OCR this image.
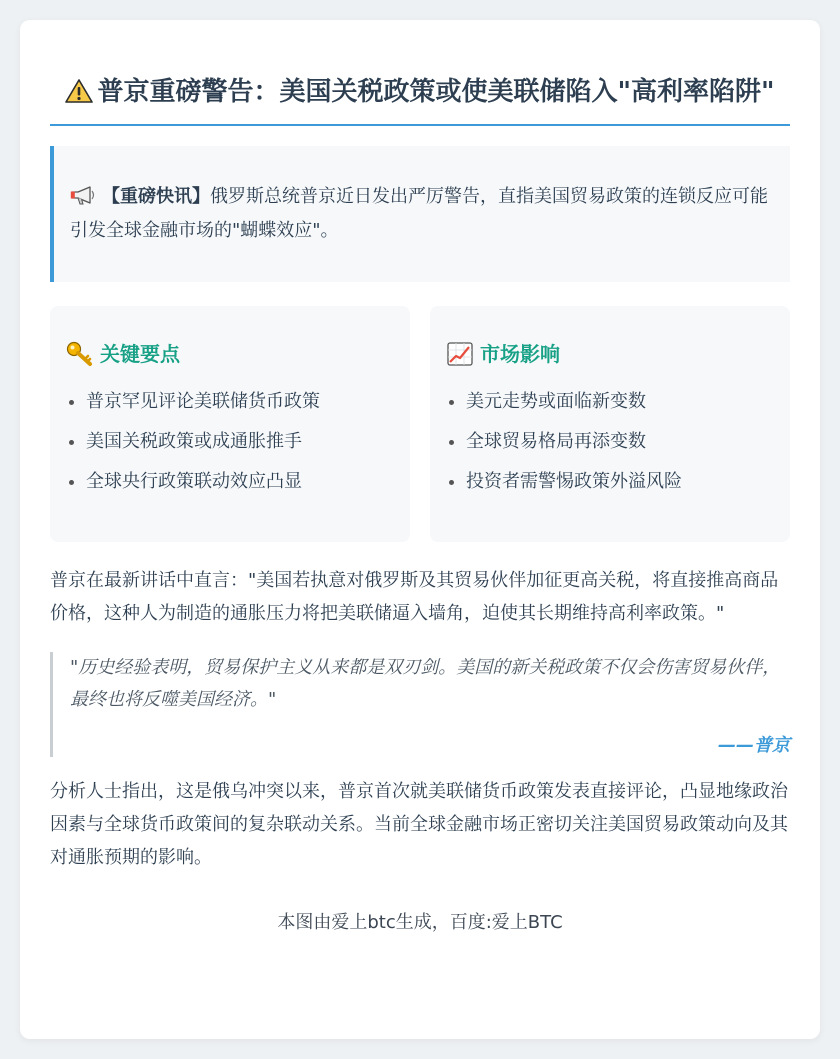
普京重磅警告：美国关税政策或使美联储陷入"高利率陷阱"
【重磅快讯】俄罗斯总统普京近日发出严厉警告，直指美国贸易政策的连锁反应可能引发全球金融市场的"蝴蝶效应"。
关键要点
• 普京罕见评论美联储货币政策
• 美国关税政策或成通胀推手
• 全球央行政策联动效应凸显
市场影响
• 美元走势或面临新变数
• 全球贸易格局再添变数
• 投资者需警惕政策外溢风险

普京在最新讲话中直言："美国若执意对俄罗斯及其贸易伙伴加征更高关税，将直接推高商品价格，这种人为制造的通胀压力将把美联储逼入墙角，迫使其长期维持高利率政策。"

"历史经验表明，贸易保护主义从来都是双刃剑。美国的新关税政策不仅会伤害贸易伙伴，最终也将反噬美国经济。"
——普京

分析人士指出，这是俄乌冲突以来，普京首次就美联储货币政策发表直接评论，凸显地缘政治因素与全球货币政策间的复杂联动关系。当前全球金融市场正密切关注美国贸易政策动向及其对通胀预期的影响。

本图由爱上btc生成，百度:爱上BTC
